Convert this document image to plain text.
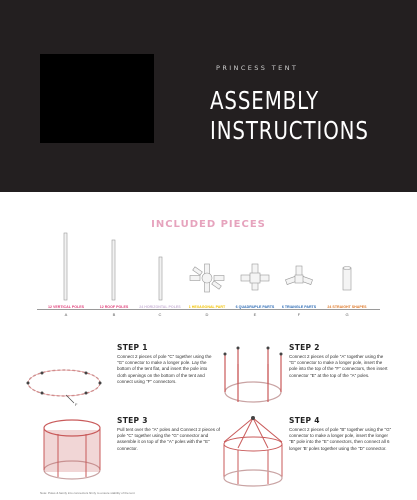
PRINCESS TENT
ASSEMBLY
INSTRUCTIONS
INCLUDED PIECES
12 VERTICAL POLES	12 ROOF POLES	24 HORIZONTAL POLES	1 HEXAGONAL PART	6 QUADRUPLE PARTS	6 TRIANGLE PARTS	24 STRAIGHT SHAPES
A	B	C	D	E	F	G
F
STEP 1
Connect 2 pieces of pole "C" together using the "G" connector to make a longer pole. Lay the bottom of the tent flat, and insert the pole into cloth openings on the bottom of the tent and connect using "F" connectors.
STEP 2
Connect 2 pieces of pole "A" together using the "G" connector to make a longer pole, insert the pole into the top of the "F" connectors, then insert connector "E" at the top of the "A" poles.
STEP 3
Pull tent over the "A" poles and Connect 2 pieces of pole "C" together using the "G" connector and assemble it on top of the "A" poles with the "E" connector.
STEP 4
Connect 2 pieces of pole "B" together using the "G" connector to make a longer pole, insert the longer "B" pole into the "E" connectors, then connect all 6 longer 'B' poles together using the "D" connector.
Note: Poles & family into connectors firmly to ensure stability of the tent
